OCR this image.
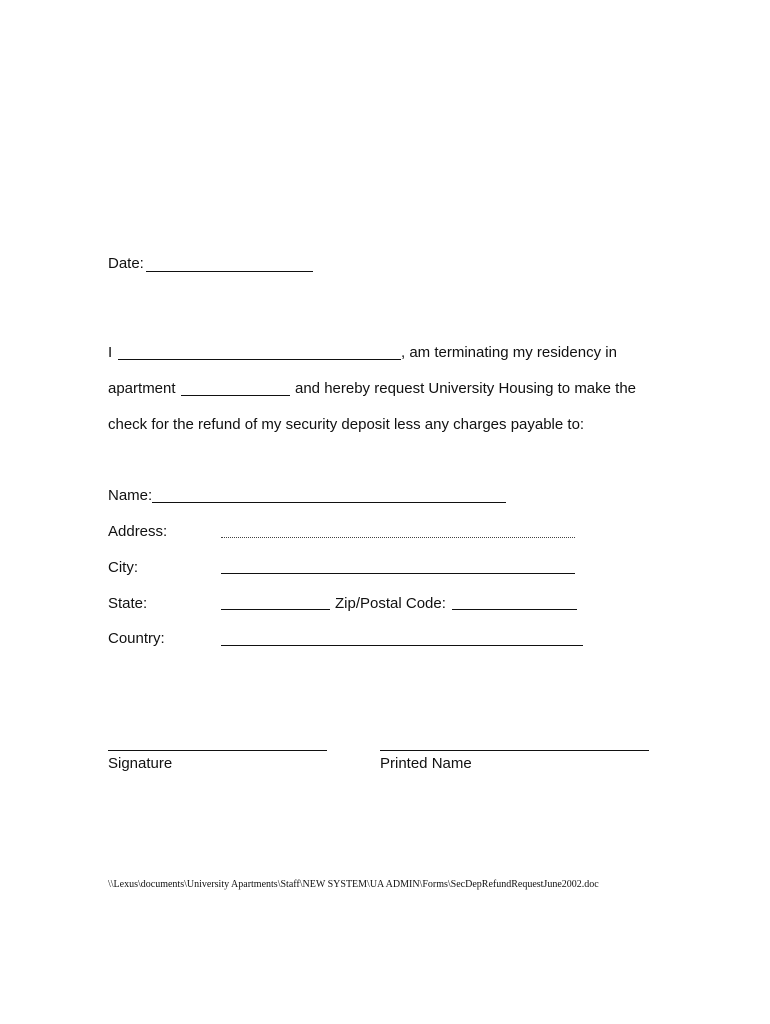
Date:
I	, am terminating my residency in
apartment	and hereby request University Housing to make the
check for the refund of my security deposit less any charges payable to:
Name:
Address:
City:
State:	Zip/Postal Code:
Country:
Signature	Printed Name
\\Lexus\documents\University Apartments\Staff\NEW SYSTEM\UA ADMIN\Forms\SecDepRefundRequestJune2002.doc
